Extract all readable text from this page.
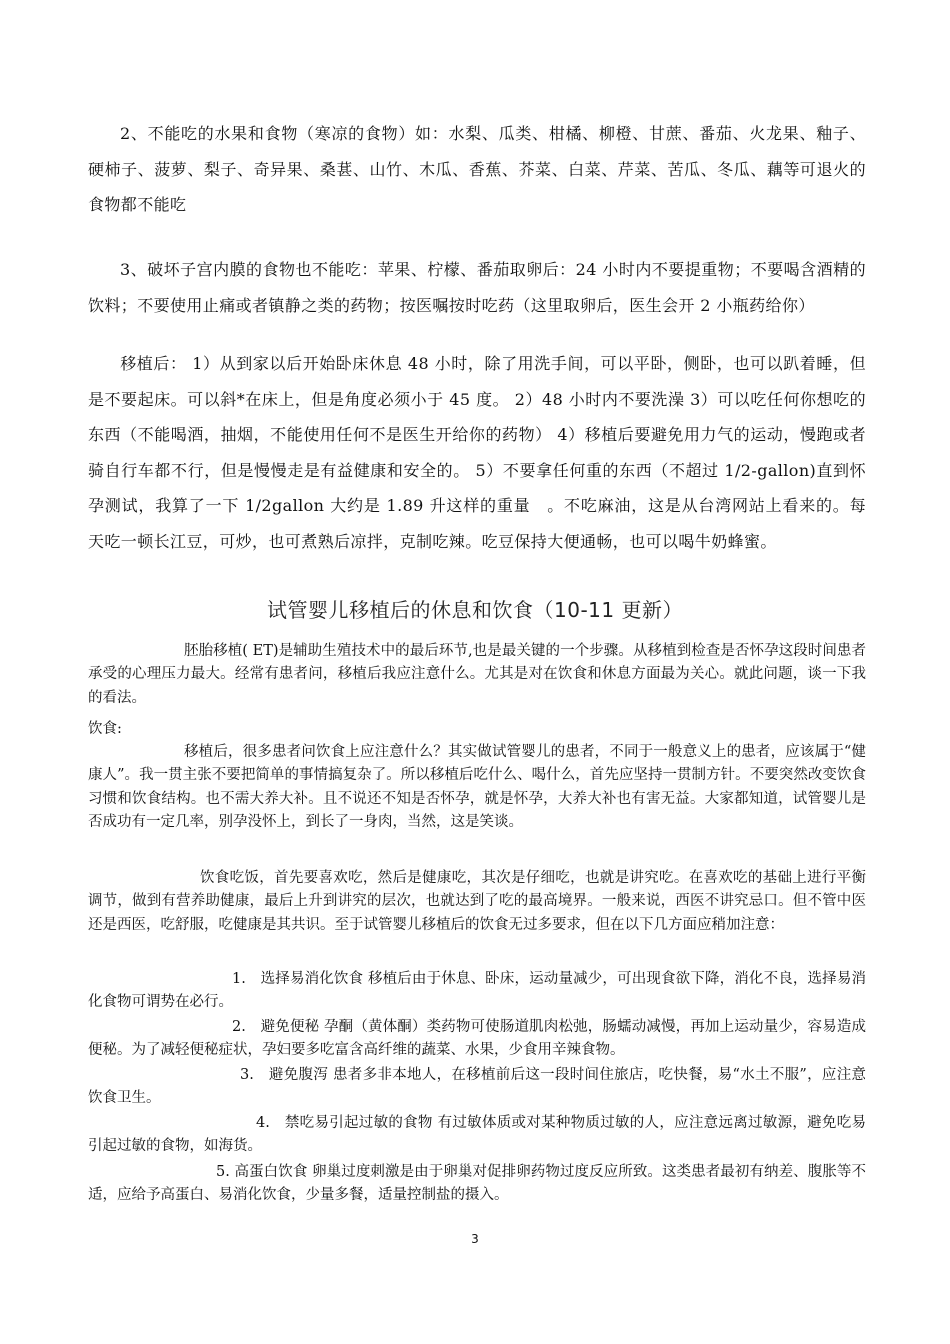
2、不能吃的水果和食物（寒凉的食物）如：水梨、瓜类、柑橘、柳橙、甘蔗、番茄、火龙果、釉子、硬柿子、菠萝、梨子、奇异果、桑葚、山竹、木瓜、香蕉、芥菜、白菜、芹菜、苦瓜、冬瓜、藕等可退火的食物都不能吃

3、破坏子宫内膜的食物也不能吃：苹果、柠檬、番茄取卵后：24 小时内不要提重物；不要喝含酒精的饮料；不要使用止痛或者镇静之类的药物；按医嘱按时吃药（这里取卵后，医生会开 2 小瓶药给你）

移植后： 1）从到家以后开始卧床休息 48 小时，除了用洗手间，可以平卧，侧卧，也可以趴着睡，但是不要起床。可以斜*在床上，但是角度必须小于 45 度。 2）48 小时内不要洗澡 3）可以吃任何你想吃的东西（不能喝酒，抽烟，不能使用任何不是医生开给你的药物） 4）移植后要避免用力气的运动，慢跑或者骑自行车都不行，但是慢慢走是有益健康和安全的。 5）不要拿任何重的东西（不超过 1/2-gallon)直到怀孕测试，我算了一下 1/2gallon 大约是 1.89 升这样的重量　。不吃麻油，这是从台湾网站上看来的。每天吃一顿长江豆，可炒，也可煮熟后凉拌，克制吃辣。吃豆保持大便通畅，也可以喝牛奶蜂蜜。

试管婴儿移植后的休息和饮食（10-11 更新）

胚胎移植( ET)是辅助生殖技术中的最后环节,也是最关键的一个步骤。从移植到检查是否怀孕这段时间患者承受的心理压力最大。经常有患者问，移植后我应注意什么。尤其是对在饮食和休息方面最为关心。就此问题，谈一下我的看法。

饮食:

移植后，很多患者问饮食上应注意什么？其实做试管婴儿的患者，不同于一般意义上的患者，应该属于“健康人”。我一贯主张不要把简单的事情搞复杂了。所以移植后吃什么、喝什么，首先应坚持一贯制方针。不要突然改变饮食习惯和饮食结构。也不需大养大补。且不说还不知是否怀孕，就是怀孕，大养大补也有害无益。大家都知道，试管婴儿是否成功有一定几率，别孕没怀上，到长了一身肉，当然，这是笑谈。

饮食吃饭，首先要喜欢吃，然后是健康吃，其次是仔细吃，也就是讲究吃。在喜欢吃的基础上进行平衡调节，做到有营养助健康，最后上升到讲究的层次，也就达到了吃的最高境界。一般来说，西医不讲究忌口。但不管中医还是西医，吃舒服，吃健康是其共识。至于试管婴儿移植后的饮食无过多要求，但在以下几方面应稍加注意：

1.　选择易消化饮食 移植后由于休息、卧床，运动量减少，可出现食欲下降，消化不良，选择易消化食物可谓势在必行。

2.　避免便秘 孕酮（黄体酮）类药物可使肠道肌肉松弛，肠蠕动减慢，再加上运动量少，容易造成便秘。为了减轻便秘症状，孕妇要多吃富含高纤维的蔬菜、水果，少食用辛辣食物。

3.　避免腹泻 患者多非本地人，在移植前后这一段时间住旅店，吃快餐，易“水土不服”，应注意饮食卫生。

4.　禁吃易引起过敏的食物 有过敏体质或对某种物质过敏的人，应注意远离过敏源，避免吃易引起过敏的食物，如海货。

5. 高蛋白饮食 卵巢过度刺激是由于卵巢对促排卵药物过度反应所致。这类患者最初有纳差、腹胀等不适，应给予高蛋白、易消化饮食，少量多餐，适量控制盐的摄入。

3
